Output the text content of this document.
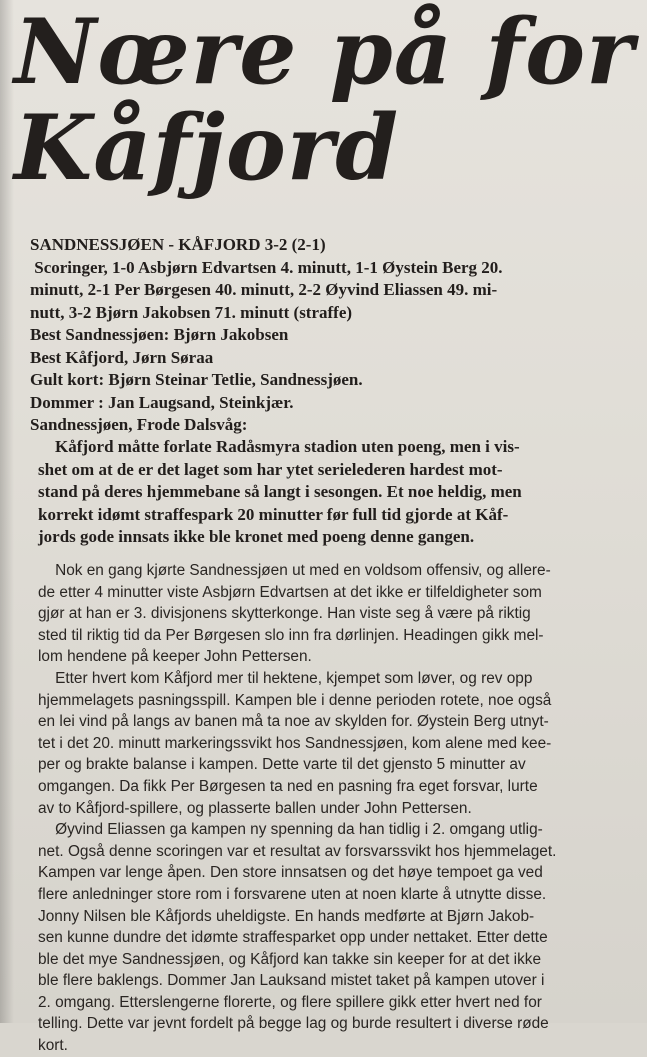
Nœre på for
Kåfjord
SANDNESSJØEN - KÅFJORD 3-2 (2-1)
Scoringer, 1-0 Asbjørn Edvartsen 4. minutt, 1-1 Øystein Berg 20.
minutt, 2-1 Per Børgesen 40. minutt, 2-2 Øyvind Eliassen 49. mi-
nutt, 3-2 Bjørn Jakobsen 71. minutt (straffe)
Best Sandnessjøen: Bjørn Jakobsen
Best Kåfjord, Jørn Søraa
Gult kort: Bjørn Steinar Tetlie, Sandnessjøen.
Dommer : Jan Laugsand, Steinkjær.
Sandnessjøen, Frode Dalsvåg:
Kåfjord måtte forlate Radåsmyra stadion uten poeng, men i vis-
shet om at de er det laget som har ytet serielederen hardest mot-
stand på deres hjemmebane så langt i sesongen. Et noe heldig, men
korrekt idømt straffespark 20 minutter før full tid gjorde at Kåf-
jords gode innsats ikke ble kronet med poeng denne gangen.
Nok en gang kjørte Sandnessjøen ut med en voldsom offensiv, og allere-
de etter 4 minutter viste Asbjørn Edvartsen at det ikke er tilfeldigheter som
gjør at han er 3. divisjonens skytterkonge. Han viste seg å være på riktig
sted til riktig tid da Per Børgesen slo inn fra dørlinjen. Headingen gikk mel-
lom hendene på keeper John Pettersen.
Etter hvert kom Kåfjord mer til hektene, kjempet som løver, og rev opp
hjemmelagets pasningsspill. Kampen ble i denne perioden rotete, noe også
en lei vind på langs av banen må ta noe av skylden for. Øystein Berg utnyt-
tet i det 20. minutt markeringssvikt hos Sandnessjøen, kom alene med kee-
per og brakte balanse i kampen. Dette varte til det gjensto 5 minutter av
omgangen. Da fikk Per Børgesen ta ned en pasning fra eget forsvar, lurte
av to Kåfjord-spillere, og plasserte ballen under John Pettersen.
Øyvind Eliassen ga kampen ny spenning da han tidlig i 2. omgang utlig-
net. Også denne scoringen var et resultat av forsvarssvikt hos hjemmelaget.
Kampen var lenge åpen. Den store innsatsen og det høye tempoet ga ved
flere anledninger store rom i forsvarene uten at noen klarte å utnytte disse.
Jonny Nilsen ble Kåfjords uheldigste. En hands medførte at Bjørn Jakob-
sen kunne dundre det idømte straffesparket opp under nettaket. Etter dette
ble det mye Sandnessjøen, og Kåfjord kan takke sin keeper for at det ikke
ble flere baklengs. Dommer Jan Lauksand mistet taket på kampen utover i
2. omgang. Etterslengerne florerte, og flere spillere gikk etter hvert ned for
telling. Dette var jevnt fordelt på begge lag og burde resultert i diverse røde
kort.
